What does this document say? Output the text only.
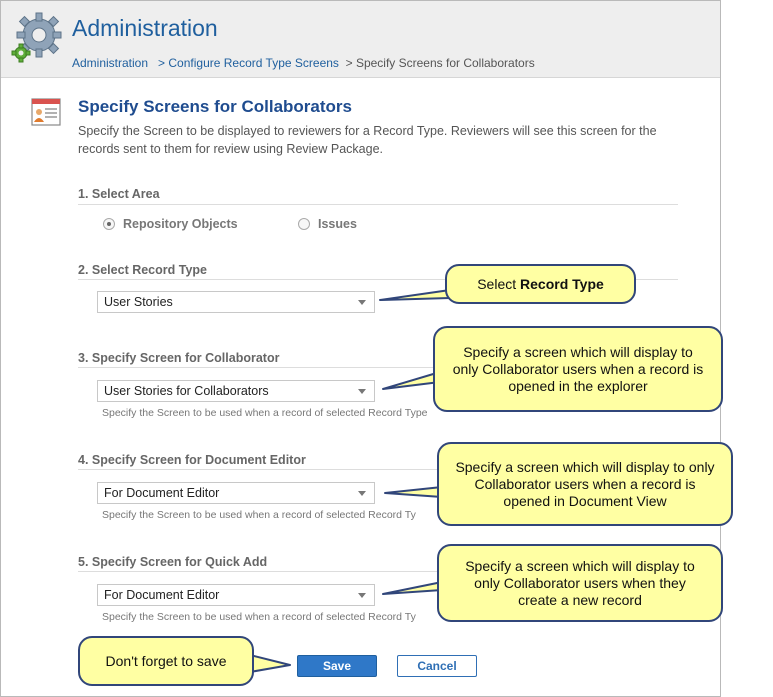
Administration
Administration > Configure Record Type Screens > Specify Screens for Collaborators
Specify Screens for Collaborators
Specify the Screen to be displayed to reviewers for a Record Type. Reviewers will see this screen for the records sent to them for review using Review Package.
1. Select Area
Repository Objects	Issues
2. Select Record Type
User Stories
3. Specify Screen for Collaborator
User Stories for Collaborators
Specify the Screen to be used when a record of selected Record Type
4. Specify Screen for Document Editor
For Document Editor
Specify the Screen to be used when a record of selected Record Ty
5. Specify Screen for Quick Add
For Document Editor
Specify the Screen to be used when a record of selected Record Ty
Save	Cancel
Select Record Type
Specify a screen which will display to only Collaborator users when a record is opened in the explorer
Specify a screen which will display to only Collaborator users when a record is opened in Document View
Specify a screen which will display to only Collaborator users when they create a new record
Don't forget to save
